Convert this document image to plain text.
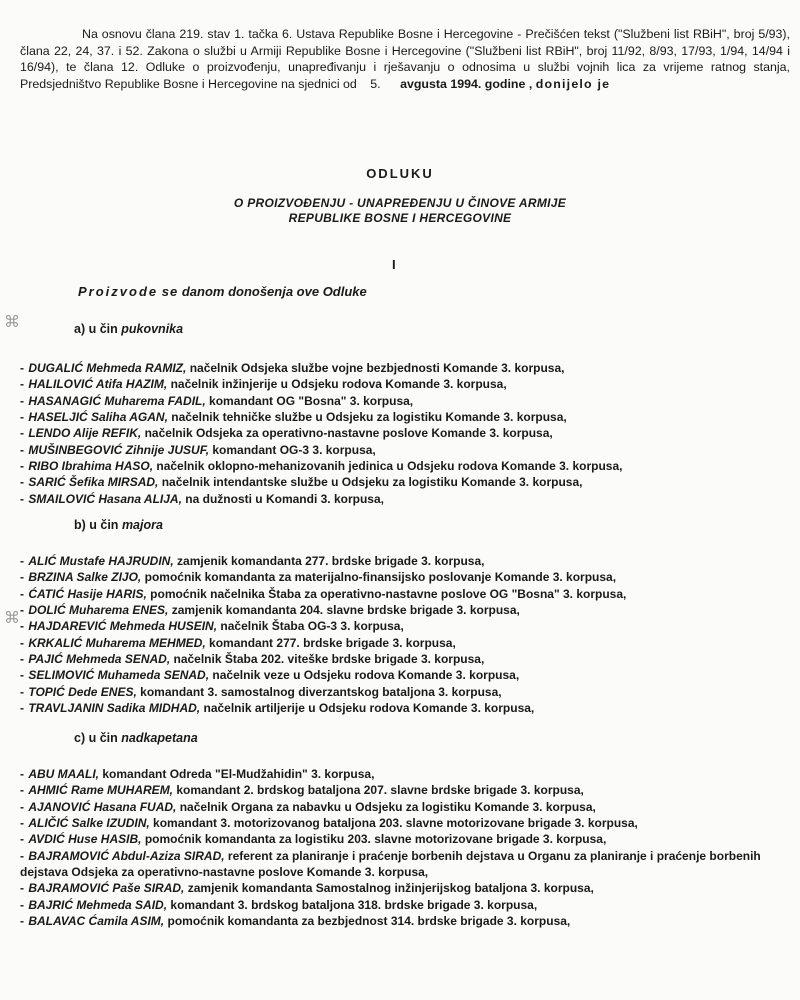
Na osnovu člana 219. stav 1. tačka 6. Ustava Republike Bosne i Hercegovine - Prečišćen tekst ("Službeni list RBiH", broj 5/93), člana 22, 24, 37. i 52. Zakona o službi u Armiji Republike Bosne i Hercegovine ("Službeni list RBiH", broj 11/92, 8/93, 17/93, 1/94, 14/94 i 16/94), te člana 12. Odluke o proizvođenju, unapređivanju i rješavanju o odnosima u službi vojnih lica za vrijeme ratnog stanja, Predsjedništvo Republike Bosne i Hercegovine na sjednici od 5. avgusta 1994. godine , donijelo je
ODLUKU
O PROIZVOĐENJU - UNAPREĐENJU U ČINOVE ARMIJE
REPUBLIKE BOSNE I HERCEGOVINE
I
Proizvode se danom donošenja ove Odluke
a) u čin pukovnika
- DUGALIĆ Mehmeda RAMIZ, načelnik Odsjeka službe vojne bezbjednosti Komande 3. korpusa,
- HALILOVIĆ Atifa HAZIM, načelnik inžinjerije u Odsjeku rodova Komande 3. korpusa,
- HASANAGIĆ Muharema FADIL, komandant OG "Bosna" 3. korpusa,
- HASELJIĆ Saliha AGAN, načelnik tehničke službe u Odsjeku za logistiku Komande 3. korpusa,
- LENDO Alije REFIK, načelnik Odsjeka za operativno-nastavne poslove Komande 3. korpusa,
- MUŠINBEGOVIĆ Zihnije JUSUF, komandant OG-3 3. korpusa,
- RIBO Ibrahima HASO, načelnik oklopno-mehanizovanih jedinica u Odsjeku rodova Komande 3. korpusa,
- SARIĆ Šefika MIRSAD, načelnik intendantske službe u Odsjeku za logistiku Komande 3. korpusa,
- SMAILOVIĆ Hasana ALIJA, na dužnosti u Komandi 3. korpusa,
b) u čin majora
- ALIĆ Mustafe HAJRUDIN, zamjenik komandanta 277. brdske brigade 3. korpusa,
- BRZINA Salke ZIJO, pomoćnik komandanta za materijalno-finansijsko poslovanje Komande 3. korpusa,
- ĆATIĆ Hasije HARIS, pomoćnik načelnika Štaba za operativno-nastavne poslove OG "Bosna" 3. korpusa,
- DOLIĆ Muharema ENES, zamjenik komandanta 204. slavne brdske brigade 3. korpusa,
- HAJDAREVIĆ Mehmeda HUSEIN, načelnik Štaba OG-3 3. korpusa,
- KRKALIĆ Muharema MEHMED, komandant 277. brdske brigade 3. korpusa,
- PAJIĆ Mehmeda SENAD, načelnik Štaba 202. viteške brdske brigade 3. korpusa,
- SELIMOVIĆ Muhameda SENAD, načelnik veze u Odsjeku rodova Komande 3. korpusa,
- TOPIĆ Dede ENES, komandant 3. samostalnog diverzantskog bataljona 3. korpusa,
- TRAVLJANIN Sadika MIDHAD, načelnik artiljerije u Odsjeku rodova Komande 3. korpusa,
c) u čin nadkapetana
- ABU MAALI, komandant Odreda "El-Mudžahidin" 3. korpusa,
- AHMIĆ Rame MUHAREM, komandant 2. brdskog bataljona 207. slavne brdske brigade 3. korpusa,
- AJANOVIĆ Hasana FUAD, načelnik Organa za nabavku u Odsjeku za logistiku Komande 3. korpusa,
- ALIČIĆ Salke IZUDIN, komandant 3. motorizovanog bataljona 203. slavne motorizovane brigade 3. korpusa,
- AVDIĆ Huse HASIB, pomoćnik komandanta za logistiku 203. slavne motorizovane brigade 3. korpusa,
- BAJRAMOVIĆ Abdul-Aziza SIRAD, referent za planiranje i praćenje borbenih dejstava u Organu za planiranje i praćenje borbenih dejstava Odsjeka za operativno-nastavne poslove Komande 3. korpusa,
- BAJRAMOVIĆ Paše SIRAD, zamjenik komandanta Samostalnog inžinjerijskog bataljona 3. korpusa,
- BAJRIĆ Mehmeda SAID, komandant 3. brdskog bataljona 318. brdske brigade 3. korpusa,
- BALAVAC Ćamila ASIM, pomoćnik komandanta za bezbjednost 314. brdske brigade 3. korpusa,
⌘
⌘
